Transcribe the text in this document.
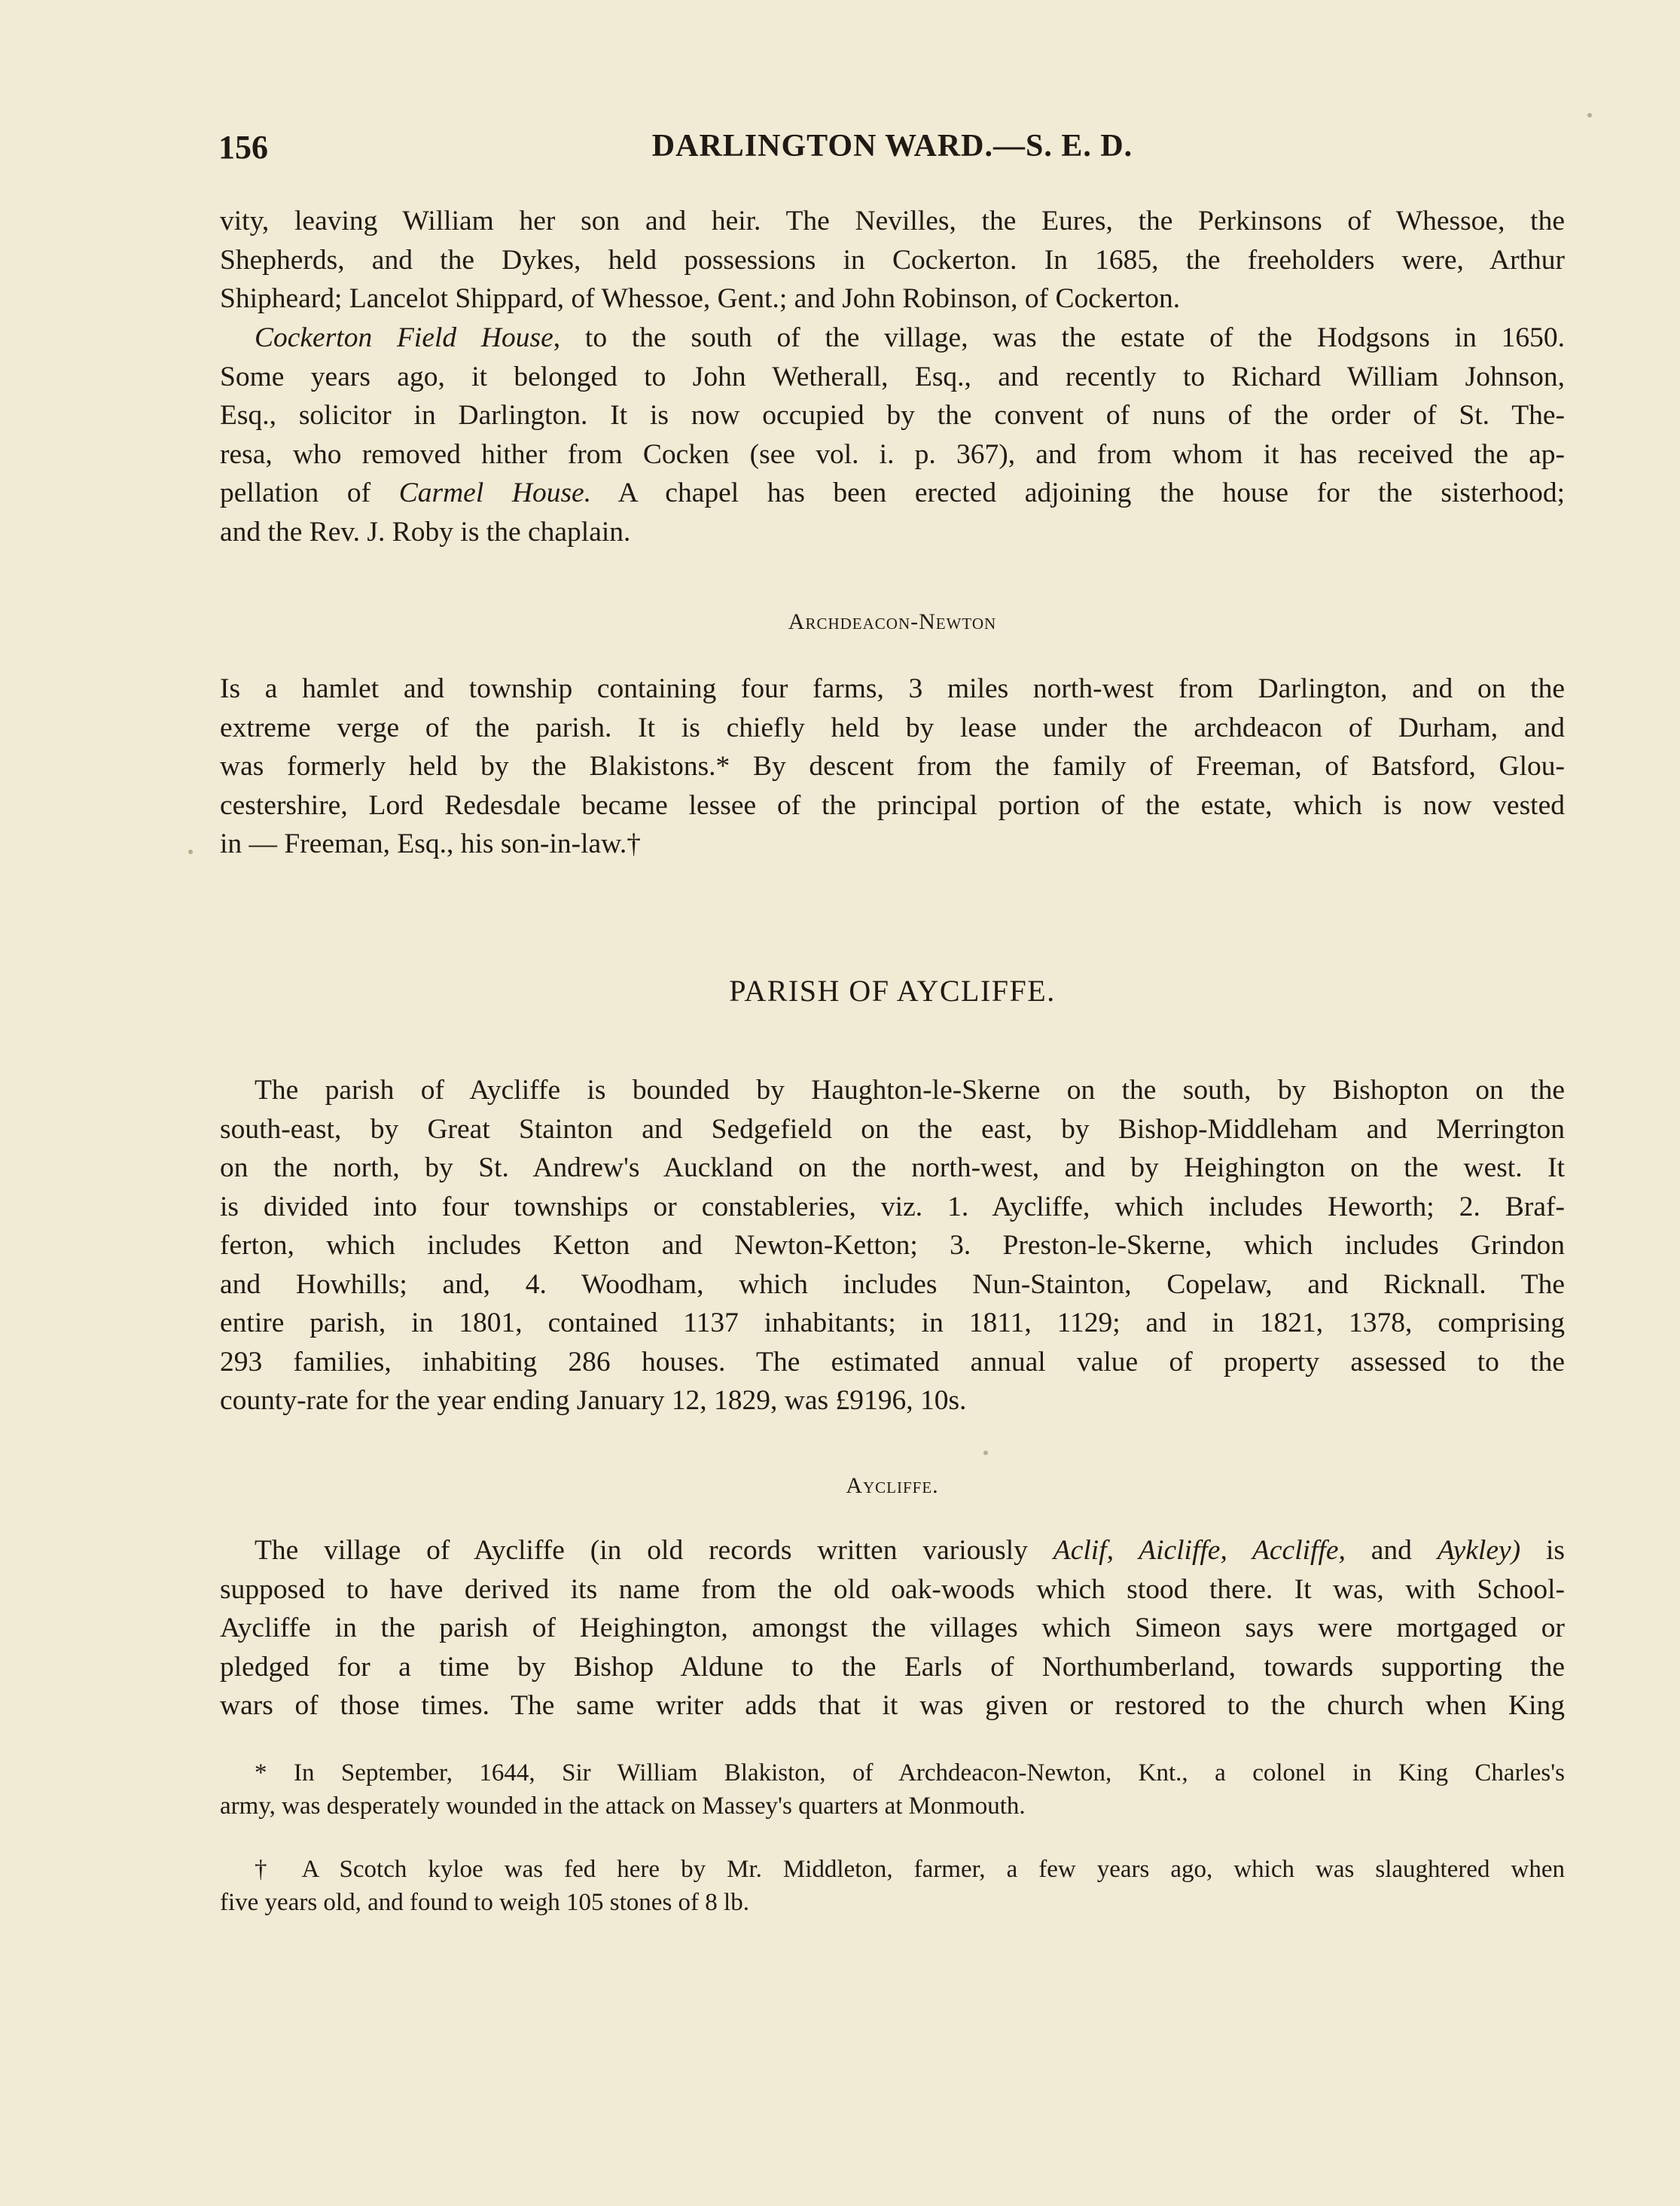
156	DARLINGTON WARD.—S. E. D.

vity, leaving William her son and heir. The Nevilles, the Eures, the Perkinsons of Whessoe, the

Shepherds, and the Dykes, held possessions in Cockerton. In 1685, the freeholders were, Arthur

Shipheard; Lancelot Shippard, of Whessoe, Gent.; and John Robinson, of Cockerton.

Cockerton Field House, to the south of the village, was the estate of the Hodgsons in 1650.

Some years ago, it belonged to John Wetherall, Esq., and recently to Richard William Johnson,

Esq., solicitor in Darlington. It is now occupied by the convent of nuns of the order of St. The-

resa, who removed hither from Cocken (see vol. i. p. 367), and from whom it has received the ap-

pellation of Carmel House. A chapel has been erected adjoining the house for the sisterhood;

and the Rev. J. Roby is the chaplain.

Archdeacon-Newton

Is a hamlet and township containing four farms, 3 miles north-west from Darlington, and on the

extreme verge of the parish. It is chiefly held by lease under the archdeacon of Durham, and

was formerly held by the Blakistons.* By descent from the family of Freeman, of Batsford, Glou-

cestershire, Lord Redesdale became lessee of the principal portion of the estate, which is now vested

in — Freeman, Esq., his son-in-law.†

PARISH OF AYCLIFFE.

The parish of Aycliffe is bounded by Haughton-le-Skerne on the south, by Bishopton on the

south-east, by Great Stainton and Sedgefield on the east, by Bishop-Middleham and Merrington

on the north, by St. Andrew's Auckland on the north-west, and by Heighington on the west. It

is divided into four townships or constableries, viz. 1. Aycliffe, which includes Heworth; 2. Braf-

ferton, which includes Ketton and Newton-Ketton; 3. Preston-le-Skerne, which includes Grindon

and Howhills; and, 4. Woodham, which includes Nun-Stainton, Copelaw, and Ricknall. The

entire parish, in 1801, contained 1137 inhabitants; in 1811, 1129; and in 1821, 1378, comprising

293 families, inhabiting 286 houses. The estimated annual value of property assessed to the

county-rate for the year ending January 12, 1829, was £9196, 10s.

Aycliffe.

The village of Aycliffe (in old records written variously Aclif, Aicliffe, Accliffe, and Aykley) is

supposed to have derived its name from the old oak-woods which stood there. It was, with School-

Aycliffe in the parish of Heighington, amongst the villages which Simeon says were mortgaged or

pledged for a time by Bishop Aldune to the Earls of Northumberland, towards supporting the

wars of those times. The same writer adds that it was given or restored to the church when King

* In September, 1644, Sir William Blakiston, of Archdeacon-Newton, Knt., a colonel in King Charles's

army, was desperately wounded in the attack on Massey's quarters at Monmouth.

† A Scotch kyloe was fed here by Mr. Middleton, farmer, a few years ago, which was slaughtered when

five years old, and found to weigh 105 stones of 8 lb.
